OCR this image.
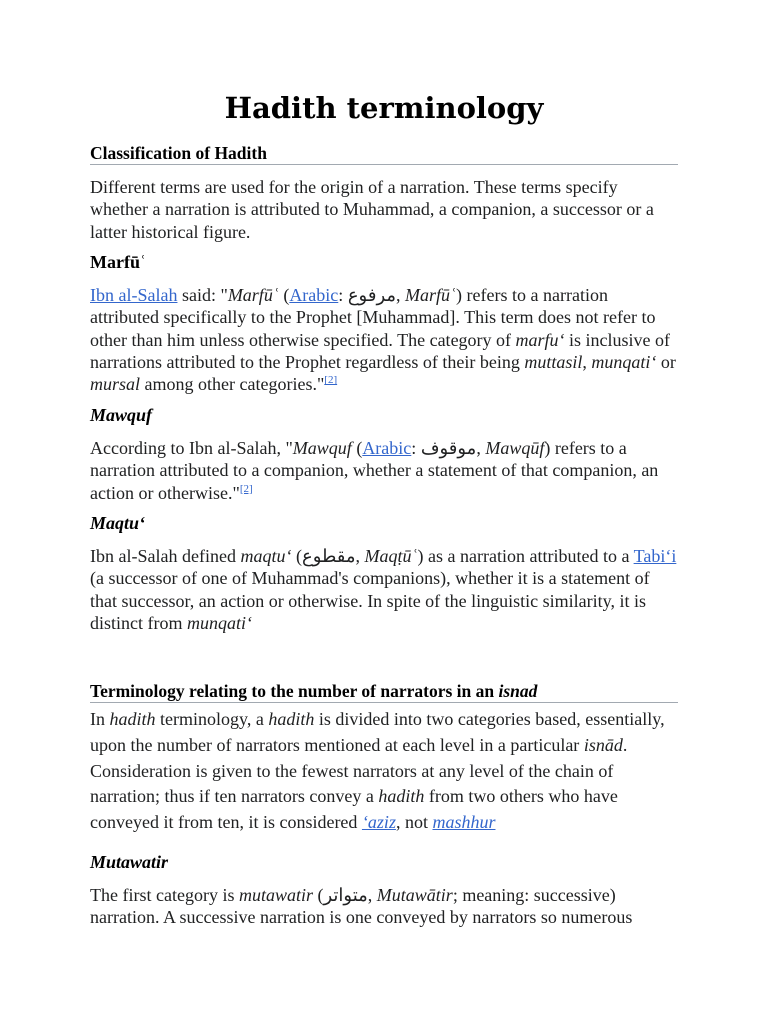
Hadith terminology
Classification of Hadith

Different terms are used for the origin of a narration. These terms specify whether a narration is attributed to Muhammad, a companion, a successor or a latter historical figure.

Marfūʿ

Ibn al-Salah said: "Marfūʿ (Arabic: مرفوع, Marfūʿ) refers to a narration attributed specifically to the Prophet [Muhammad]. This term does not refer to other than him unless otherwise specified. The category of marfu‘ is inclusive of narrations attributed to the Prophet regardless of their being muttasil, munqati‘ or mursal among other categories."[2]

Mawquf

According to Ibn al-Salah, "Mawquf (Arabic: موقوف, Mawqūf) refers to a narration attributed to a companion, whether a statement of that companion, an action or otherwise."[2]

Maqtu‘

Ibn al-Salah defined maqtu‘ (مقطوع, Maqṭūʿ) as a narration attributed to a Tabi‘i (a successor of one of Muhammad's companions), whether it is a statement of that successor, an action or otherwise. In spite of the linguistic similarity, it is distinct from munqati‘

Terminology relating to the number of narrators in an isnad

In hadith terminology, a hadith is divided into two categories based, essentially, upon the number of narrators mentioned at each level in a particular isnād. Consideration is given to the fewest narrators at any level of the chain of narration; thus if ten narrators convey a hadith from two others who have conveyed it from ten, it is considered ‘aziz, not mashhur

Mutawatir

The first category is mutawatir (متواتر, Mutawātir; meaning: successive) narration. A successive narration is one conveyed by narrators so numerous
